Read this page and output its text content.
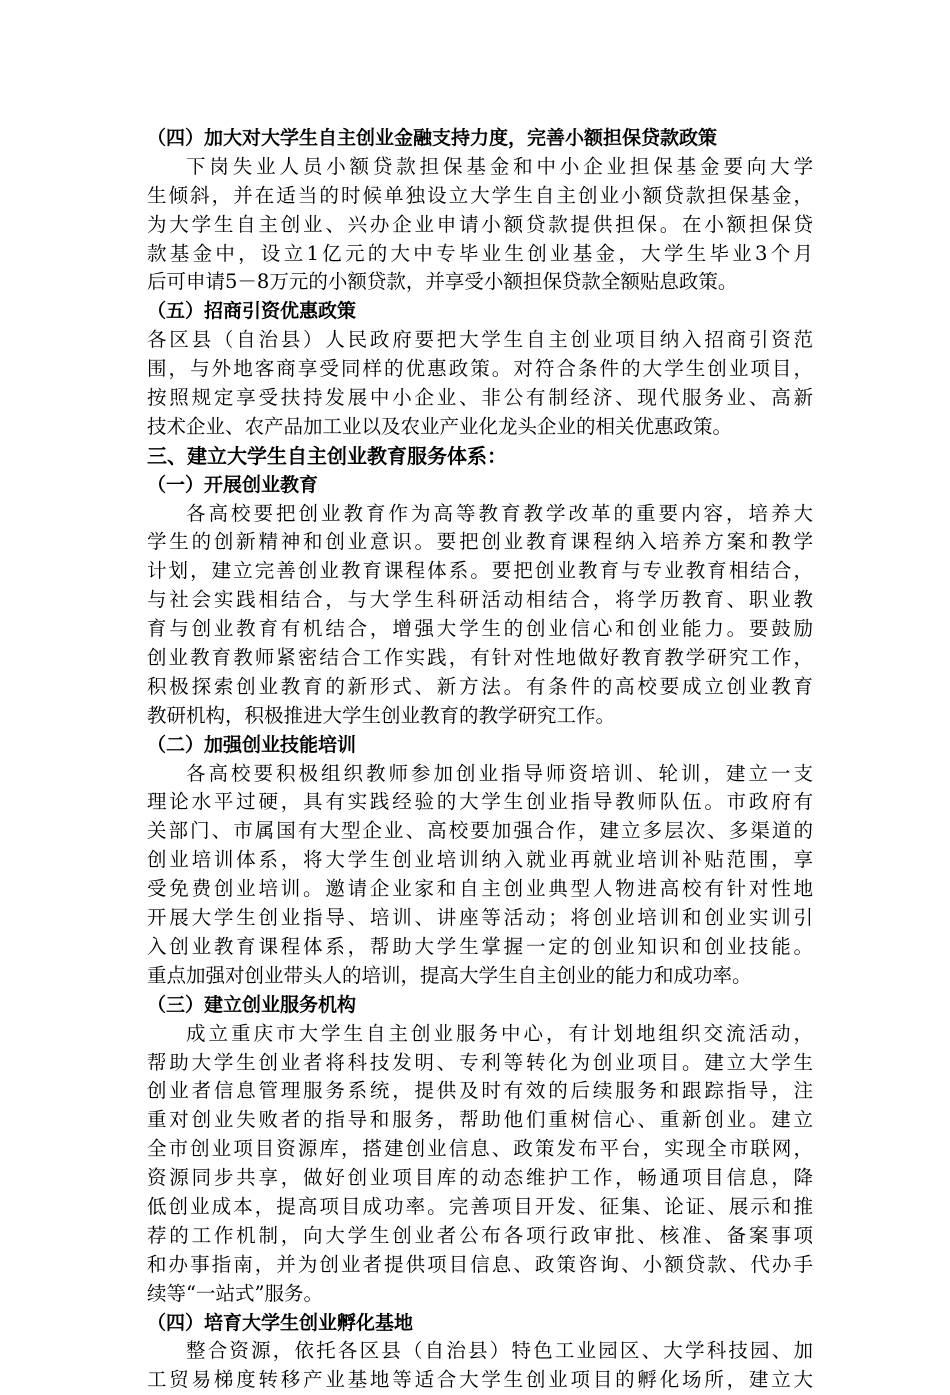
（四）加大对大学生自主创业金融支持力度，完善小额担保贷款政策
下岗失业人员小额贷款担保基金和中小企业担保基金要向大学
生倾斜，并在适当的时候单独设立大学生自主创业小额贷款担保基金，
为大学生自主创业、兴办企业申请小额贷款提供担保。在小额担保贷
款基金中，设立1亿元的大中专毕业生创业基金，大学生毕业3个月
后可申请5－8万元的小额贷款，并享受小额担保贷款全额贴息政策。
（五）招商引资优惠政策
各区县（自治县）人民政府要把大学生自主创业项目纳入招商引资范
围，与外地客商享受同样的优惠政策。对符合条件的大学生创业项目，
按照规定享受扶持发展中小企业、非公有制经济、现代服务业、高新
技术企业、农产品加工业以及农业产业化龙头企业的相关优惠政策。
三、建立大学生自主创业教育服务体系：
（一）开展创业教育
各高校要把创业教育作为高等教育教学改革的重要内容，培养大
学生的创新精神和创业意识。要把创业教育课程纳入培养方案和教学
计划，建立完善创业教育课程体系。要把创业教育与专业教育相结合，
与社会实践相结合，与大学生科研活动相结合，将学历教育、职业教
育与创业教育有机结合，增强大学生的创业信心和创业能力。要鼓励
创业教育教师紧密结合工作实践，有针对性地做好教育教学研究工作，
积极探索创业教育的新形式、新方法。有条件的高校要成立创业教育
教研机构，积极推进大学生创业教育的教学研究工作。
（二）加强创业技能培训
各高校要积极组织教师参加创业指导师资培训、轮训，建立一支
理论水平过硬，具有实践经验的大学生创业指导教师队伍。市政府有
关部门、市属国有大型企业、高校要加强合作，建立多层次、多渠道的
创业培训体系，将大学生创业培训纳入就业再就业培训补贴范围，享
受免费创业培训。邀请企业家和自主创业典型人物进高校有针对性地
开展大学生创业指导、培训、讲座等活动；将创业培训和创业实训引
入创业教育课程体系，帮助大学生掌握一定的创业知识和创业技能。
重点加强对创业带头人的培训，提高大学生自主创业的能力和成功率。
（三）建立创业服务机构
成立重庆市大学生自主创业服务中心，有计划地组织交流活动，
帮助大学生创业者将科技发明、专利等转化为创业项目。建立大学生
创业者信息管理服务系统，提供及时有效的后续服务和跟踪指导，注
重对创业失败者的指导和服务，帮助他们重树信心、重新创业。建立
全市创业项目资源库，搭建创业信息、政策发布平台，实现全市联网，
资源同步共享，做好创业项目库的动态维护工作，畅通项目信息，降
低创业成本，提高项目成功率。完善项目开发、征集、论证、展示和推
荐的工作机制，向大学生创业者公布各项行政审批、核准、备案事项
和办事指南，并为创业者提供项目信息、政策咨询、小额贷款、代办手
续等“一站式”服务。
（四）培育大学生创业孵化基地
整合资源，依托各区县（自治县）特色工业园区、大学科技园、加
工贸易梯度转移产业基地等适合大学生创业项目的孵化场所，建立大
